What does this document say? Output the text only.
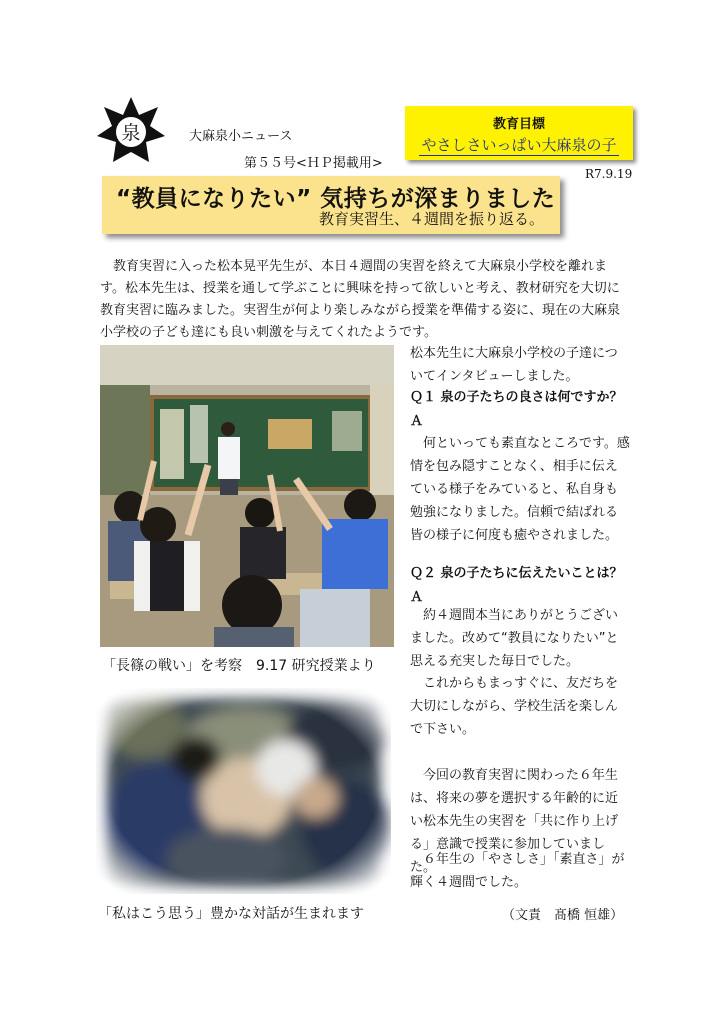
泉	大麻泉小ニュース
第５５号<ＨＰ掲載用>
教育目標
やさしさいっぱい大麻泉の子
R7.9.19
“教員になりたい” 気持ちが深まりました
教育実習生、４週間を振り返る。

教育実習に入った松本晃平先生が、本日４週間の実習を終えて大麻泉小学校を離れます。松本先生は、授業を通して学ぶことに興味を持って欲しいと考え、教材研究を大切に教育実習に臨みました。実習生が何より楽しみながら授業を準備する姿に、現在の大麻泉小学校の子ども達にも良い刺激を与えてくれたようです。

「長篠の戦い」を考察　9.17 研究授業より
「私はこう思う」豊かな対話が生まれます

松本先生に大麻泉小学校の子達についてインタビューしました。

Ｑ１ 泉の子たちの良さは何ですか？
Ａ

何といっても素直なところです。感情を包み隠すことなく、相手に伝えている様子をみていると、私自身も勉強になりました。信頼で結ばれる皆の様子に何度も癒やされました。

Ｑ２ 泉の子たちに伝えたいことは？
Ａ

約４週間本当にありがとうございました。改めて“教員になりたい”と思える充実した毎日でした。

これからもまっすぐに、友だちを大切にしながら、学校生活を楽しんで下さい。

今回の教育実習に関わった６年生は、将来の夢を選択する年齢的に近い松本先生の実習を「共に作り上げる」意識で授業に参加していました。

６年生の「やさしさ」「素直さ」が輝く４週間でした。

（文責　髙橋 恒雄）
